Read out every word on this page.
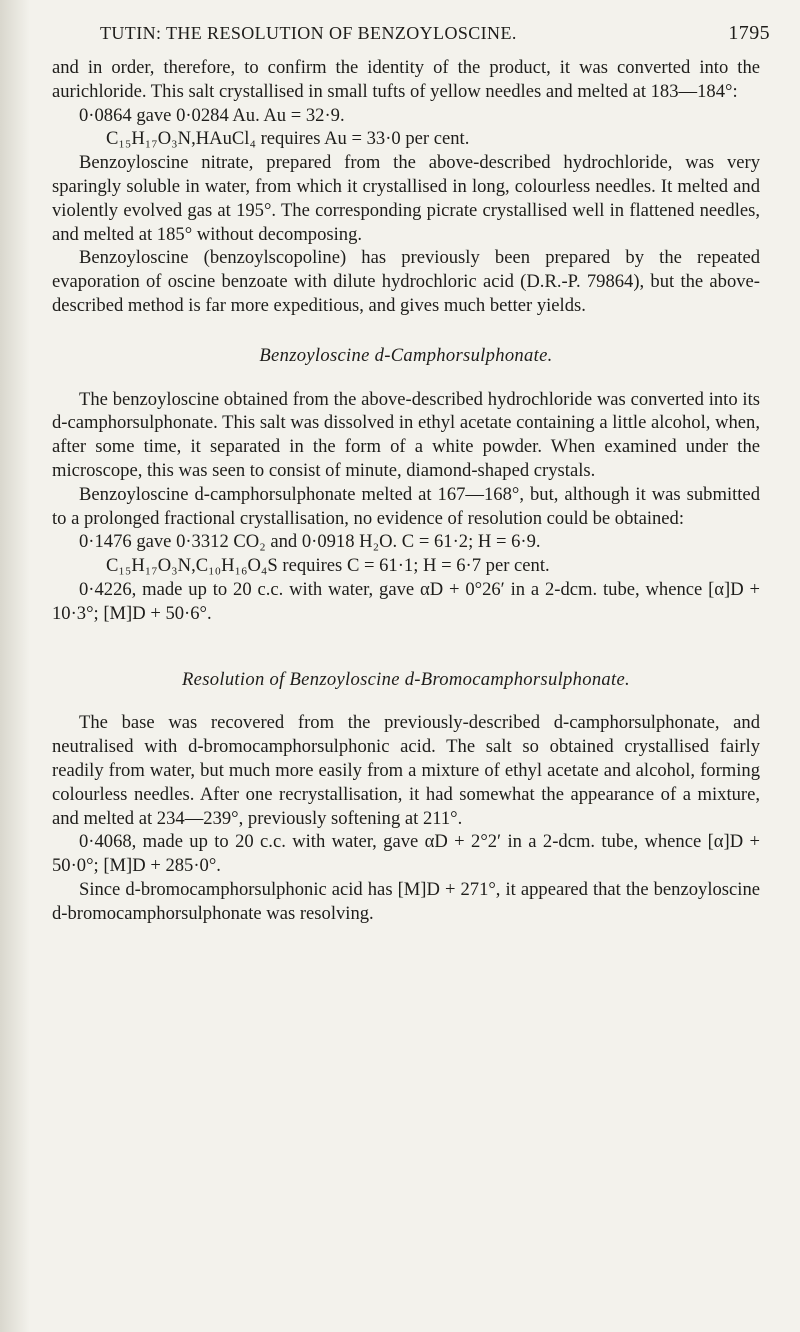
TUTIN: THE RESOLUTION OF BENZOYLOSCINE.	1795

and in order, therefore, to confirm the identity of the product, it was converted into the aurichloride. This salt crystallised in small tufts of yellow needles and melted at 183—184°:

0·0864 gave 0·0284 Au. Au = 32·9.

C₁₅H₁₇O₃N,HAuCl₄ requires Au = 33·0 per cent.

Benzoyloscine nitrate, prepared from the above-described hydrochloride, was very sparingly soluble in water, from which it crystallised in long, colourless needles. It melted and violently evolved gas at 195°. The corresponding picrate crystallised well in flattened needles, and melted at 185° without decomposing.

Benzoyloscine (benzoylscopoline) has previously been prepared by the repeated evaporation of oscine benzoate with dilute hydrochloric acid (D.R.-P. 79864), but the above-described method is far more expeditious, and gives much better yields.

Benzoyloscine d-Camphorsulphonate.

The benzoyloscine obtained from the above-described hydrochloride was converted into its d-camphorsulphonate. This salt was dissolved in ethyl acetate containing a little alcohol, when, after some time, it separated in the form of a white powder. When examined under the microscope, this was seen to consist of minute, diamond-shaped crystals.

Benzoyloscine d-camphorsulphonate melted at 167—168°, but, although it was submitted to a prolonged fractional crystallisation, no evidence of resolution could be obtained:

0·1476 gave 0·3312 CO₂ and 0·0918 H₂O. C = 61·2; H = 6·9.

C₁₅H₁₇O₃N,C₁₀H₁₆O₄S requires C = 61·1; H = 6·7 per cent.

0·4226, made up to 20 c.c. with water, gave αD + 0°26′ in a 2-dcm. tube, whence [α]D + 10·3°; [M]D + 50·6°.

Resolution of Benzoyloscine d-Bromocamphorsulphonate.

The base was recovered from the previously-described d-camphorsulphonate, and neutralised with d-bromocamphorsulphonic acid. The salt so obtained crystallised fairly readily from water, but much more easily from a mixture of ethyl acetate and alcohol, forming colourless needles. After one recrystallisation, it had somewhat the appearance of a mixture, and melted at 234—239°, previously softening at 211°.

0·4068, made up to 20 c.c. with water, gave αD + 2°2′ in a 2-dcm. tube, whence [α]D + 50·0°; [M]D + 285·0°.

Since d-bromocamphorsulphonic acid has [M]D + 271°, it appeared that the benzoyloscine d-bromocamphorsulphonate was resolving.
